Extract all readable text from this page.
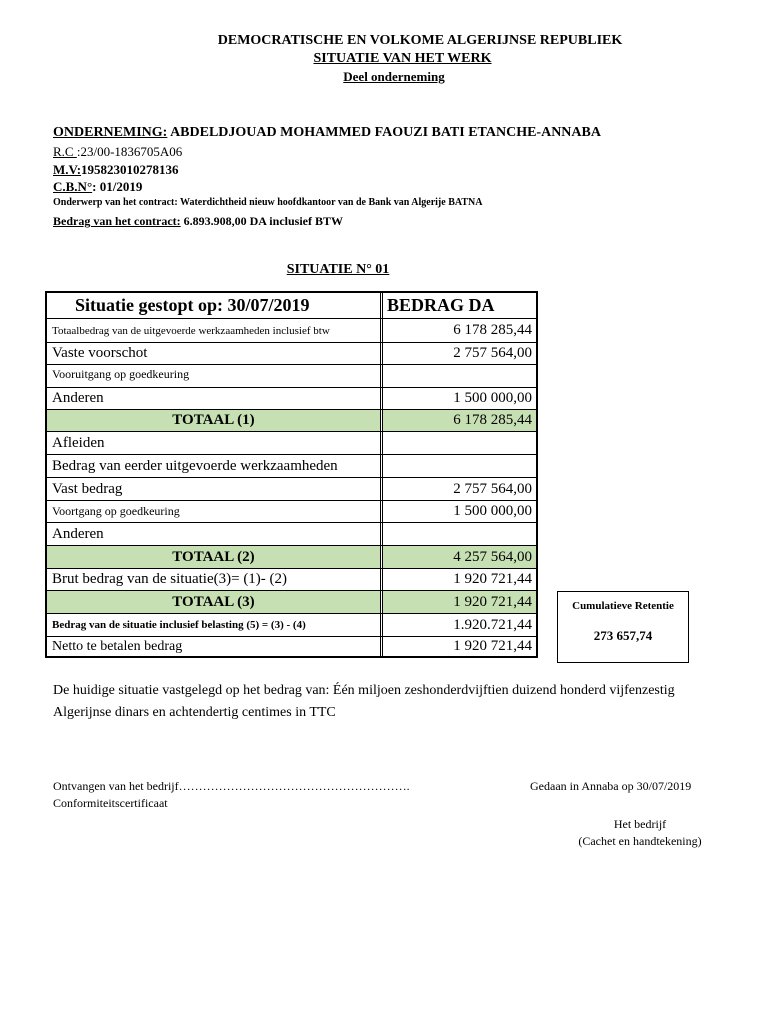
DEMOCRATISCHE EN VOLKOME ALGERIJNSE REPUBLIEK
SITUATIE VAN HET WERK
Deel onderneming
ONDERNEMING: ABDELDJOUAD MOHAMMED FAOUZI BATI ETANCHE-ANNABA
R.C :23/00-1836705A06
M.V:195823010278136
C.B.N°: 01/2019
Onderwerp van het contract: Waterdichtheid nieuw hoofdkantoor van de Bank van Algerije BATNA
Bedrag van het contract: 6.893.908,00 DA inclusief BTW
SITUATIE N° 01
Situatie gestopt op: 30/07/2019	BEDRAG DA
Totaalbedrag van de uitgevoerde werkzaamheden inclusief btw	6 178 285,44
Vaste voorschot	2 757 564,00
Vooruitgang op goedkeuring
Anderen	1 500 000,00
TOTAAL (1)	6 178 285,44
Afleiden
Bedrag van eerder uitgevoerde werkzaamheden
Vast bedrag	2 757 564,00
Voortgang op goedkeuring	1 500 000,00
Anderen
TOTAAL (2)	4 257 564,00
Brut bedrag van de situatie(3)= (1)- (2)	1 920 721,44
TOTAAL (3)	1 920 721,44
Bedrag van de situatie inclusief belasting (5) = (3) - (4)	1.920.721,44
Netto te betalen bedrag	1 920 721,44
Cumulatieve Retentie
273 657,74
De huidige situatie vastgelegd op het bedrag van: Één miljoen zeshonderdvijftien duizend honderd vijfenzestig Algerijnse dinars en achtendertig centimes in TTC
Ontvangen van het bedrijf………………………………………………….
Conformiteitscertificaat
Gedaan in Annaba op 30/07/2019
Het bedrijf
(Cachet en handtekening)
